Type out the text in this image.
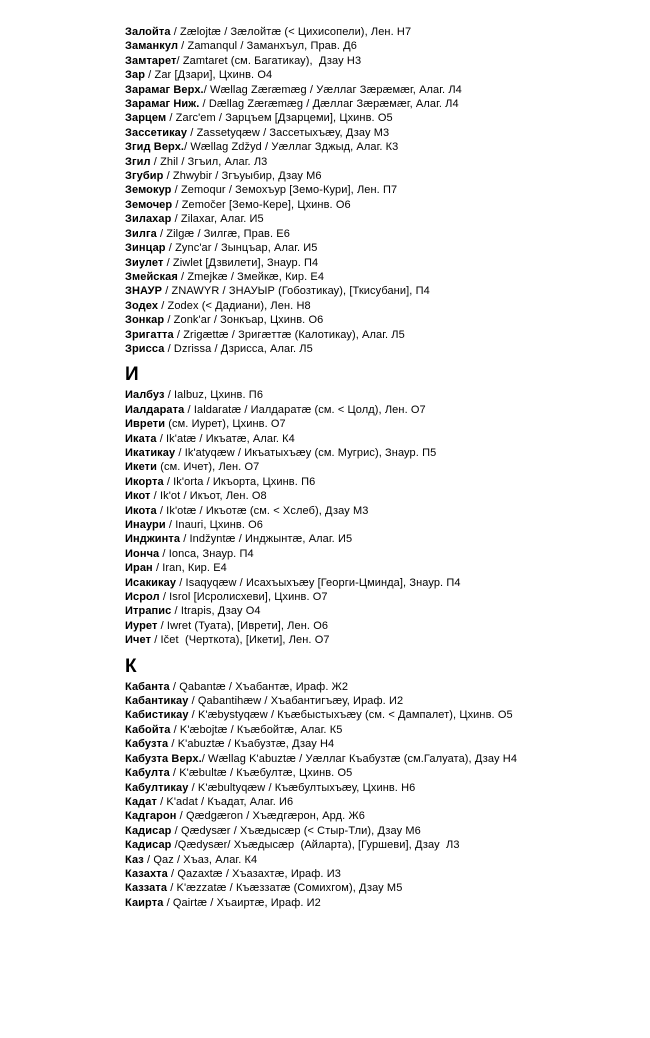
Залойта / Zælojtæ / Зæлойтæ (< Цихисопели), Лен. Н7
Заманкул / Zamanqul / Заманхъул, Прав. Д6
Замтарет/ Zamtaret (см. Багатикау),  Дзау Н3
Зар / Zar [Дзари], Цхинв. О4
Зарамаг Верх./ Wællag Zæræmæg / Уæллаг Зæрæмæг, Алаг. Л4
Зарамаг Ниж. / Dællag Zæræmæg / Дæллаг Зæрæмæг, Алаг. Л4
Зарцем / Zarc'em / Зарцъем [Дзарцеми], Цхинв. О5
Зассетикау / Zassetyqæw / Зассетыхъæу, Дзау М3
Згид Верх./ Wællag Zdžyd / Уæллаг Зджыд, Алаг. К3
Згил / Zhil / Згъил, Алаг. Л3
Згубир / Zhwybir / Згъуыбир, Дзау М6
Земокур / Zemoqur / Земохъур [Земо-Кури], Лен. П7
Земочер / Zemočer [Земо-Кере], Цхинв. О6
Зилахар / Zilaxar, Алаг. И5
Зилга / Zilgæ / Зилгæ, Прав. Е6
Зинцар / Zync'ar / Зынцъар, Алаг. И5
Зиулет / Ziwlet [Дзвилети], Знаур. П4
Змейская / Zmejkæ / Змейкæ, Кир. Е4
ЗНАУР / ZNAWYR / ЗНАУЫР (Гобозтикау), [Ткисубани], П4
Зодех / Zodex (< Дадиани), Лен. Н8
Зонкар / Zonk'ar / Зонкъар, Цхинв. О6
Зригатта / Zrigættæ / Зригæттæ (Калотикау), Алаг. Л5
Зрисса / Dzrissa / Дзрисса, Алаг. Л5
И
Иалбуз / Ialbuz, Цхинв. П6
Иалдарата / Ialdaratæ / Иалдаратæ (см. < Цолд), Лен. О7
Иврети (см. Иурет), Цхинв. О7
Иката / Ik'atæ / Икъатæ, Алаг. К4
Икатикау / Ik'atyqæw / Икъатыхъæу (см. Мугрис), Знаур. П5
Икети (см. Ичет), Лен. О7
Икорта / Ik'orta / Икъорта, Цхинв. П6
Икот / Ik'ot / Икъот, Лен. О8
Икота / Ik'otæ / Икъотæ (см. < Хслеб), Дзау М3
Инаури / Inauri, Цхинв. О6
Инджинта / Indžyntæ / Инджынтæ, Алаг. И5
Ионча / Ionca, Знаур. П4
Иран / Iran, Кир. Е4
Исакикау / Isaqyqæw / Исахъыхъæу [Георги-Цминда], Знаур. П4
Исрол / Isrol [Исролисхеви], Цхинв. О7
Итрапис / Itrapis, Дзау О4
Иурет / Iwret (Туата), [Иврети], Лен. О6
Ичет / Ičet  (Черткота), [Икети], Лен. О7
К
Кабанта / Qabantæ / Хъабантæ, Ираф. Ж2
Кабантикау / Qabantihæw / Хъабантигъæу, Ираф. И2
Кабистикау / K'æbystyqæw / Къæбыстыхъæу (см. < Дампалет), Цхинв. О5
Кабойта / K'æbojtæ / Къæбойтæ, Алаг. К5
Кабузта / K'abuztæ / Къабузтæ, Дзау Н4
Кабузта Верх./ Wællag K'abuztæ / Уæллаг Къабузтæ (см.Галуата), Дзау Н4
Кабулта / K'æbultæ / Къæбултæ, Цхинв. О5
Кабултикау / K'æbultyqæw / Къæбултыхъæу, Цхинв. Н6
Кадат / K'adat / Къадат, Алаг. И6
Кадгарон / Qædgæron / Хъæдгæрон, Ард. Ж6
Кадисар / Qædysær / Хъæдысæр (< Стыр-Тли), Дзау М6
Кадисар /Qædysær/ Хъæдысæр  (Айларта), [Гуршеви], Дзау  Л3
Каз / Qaz / Хъаз, Алаг. К4
Казахта / Qazaxtæ / Хъазахтæ, Ираф. И3
Каззата / K'æzzatæ / Къæззатæ (Сомихгом), Дзау М5
Каирта / Qairtæ / Хъаиртæ, Ираф. И2
